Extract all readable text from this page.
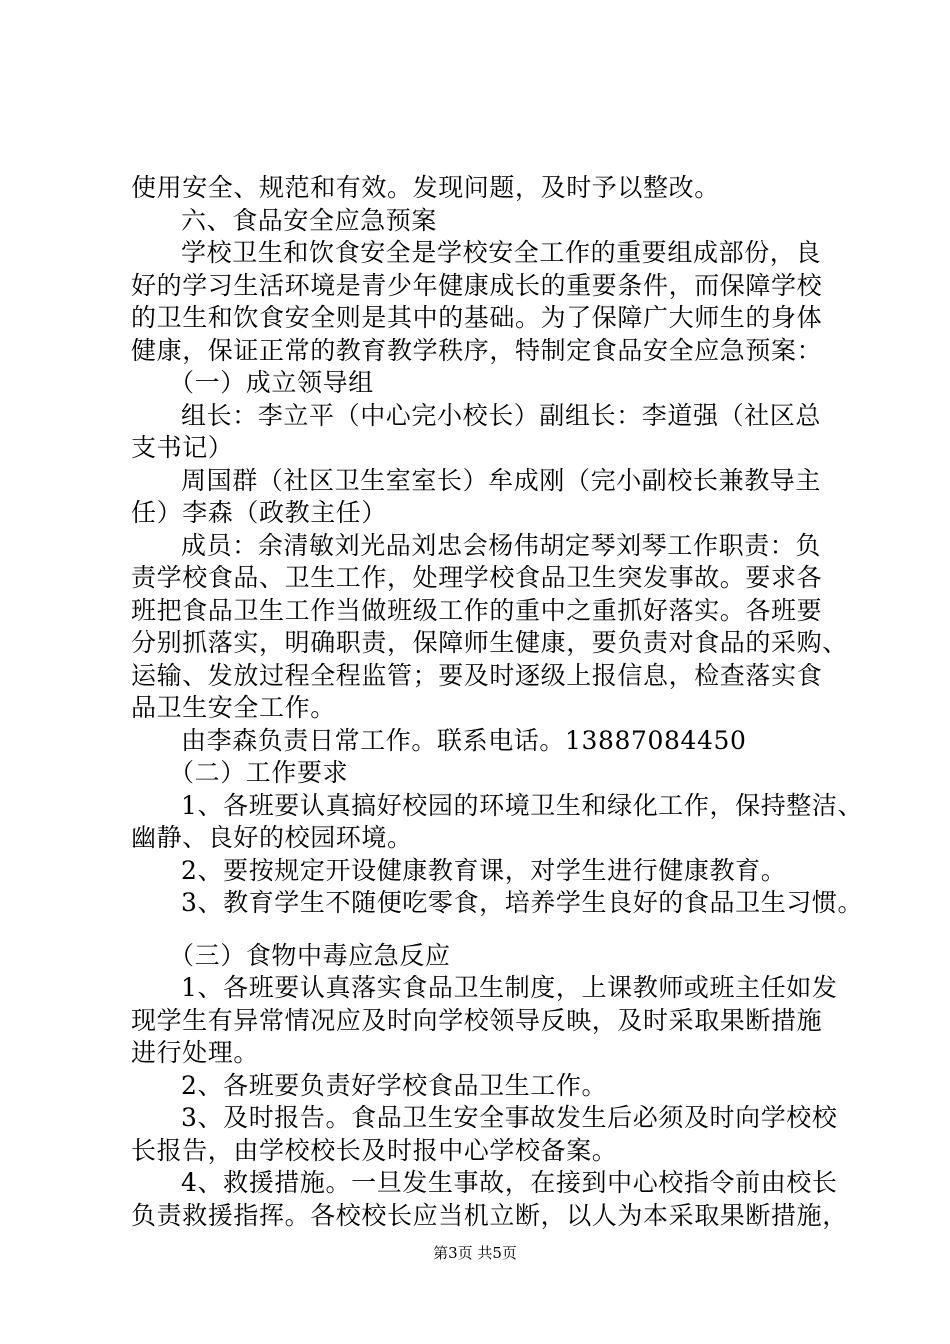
使用安全、规范和有效。发现问题，及时予以整改。
六、食品安全应急预案
学校卫生和饮食安全是学校安全工作的重要组成部份，良
好的学习生活环境是青少年健康成长的重要条件，而保障学校
的卫生和饮食安全则是其中的基础。为了保障广大师生的身体
健康，保证正常的教育教学秩序，特制定食品安全应急预案：
（一）成立领导组
组长：李立平（中心完小校长）副组长：李道强（社区总
支书记）
周国群（社区卫生室室长）牟成刚（完小副校长兼教导主
任）李森（政教主任）
成员：余清敏刘光品刘忠会杨伟胡定琴刘琴工作职责：负
责学校食品、卫生工作，处理学校食品卫生突发事故。要求各
班把食品卫生工作当做班级工作的重中之重抓好落实。各班要
分别抓落实，明确职责，保障师生健康，要负责对食品的采购、
运输、发放过程全程监管；要及时逐级上报信息，检查落实食
品卫生安全工作。
由李森负责日常工作。联系电话。13887084450
（二）工作要求
1、各班要认真搞好校园的环境卫生和绿化工作，保持整洁、
幽静、良好的校园环境。
2、要按规定开设健康教育课，对学生进行健康教育。
3、教育学生不随便吃零食，培养学生良好的食品卫生习惯。
（三）食物中毒应急反应
1、各班要认真落实食品卫生制度，上课教师或班主任如发
现学生有异常情况应及时向学校领导反映，及时采取果断措施
进行处理。
2、各班要负责好学校食品卫生工作。
3、及时报告。食品卫生安全事故发生后必须及时向学校校
长报告，由学校校长及时报中心学校备案。
4、救援措施。一旦发生事故，在接到中心校指令前由校长
负责救援指挥。各校校长应当机立断，以人为本采取果断措施，
第3页 共5页
